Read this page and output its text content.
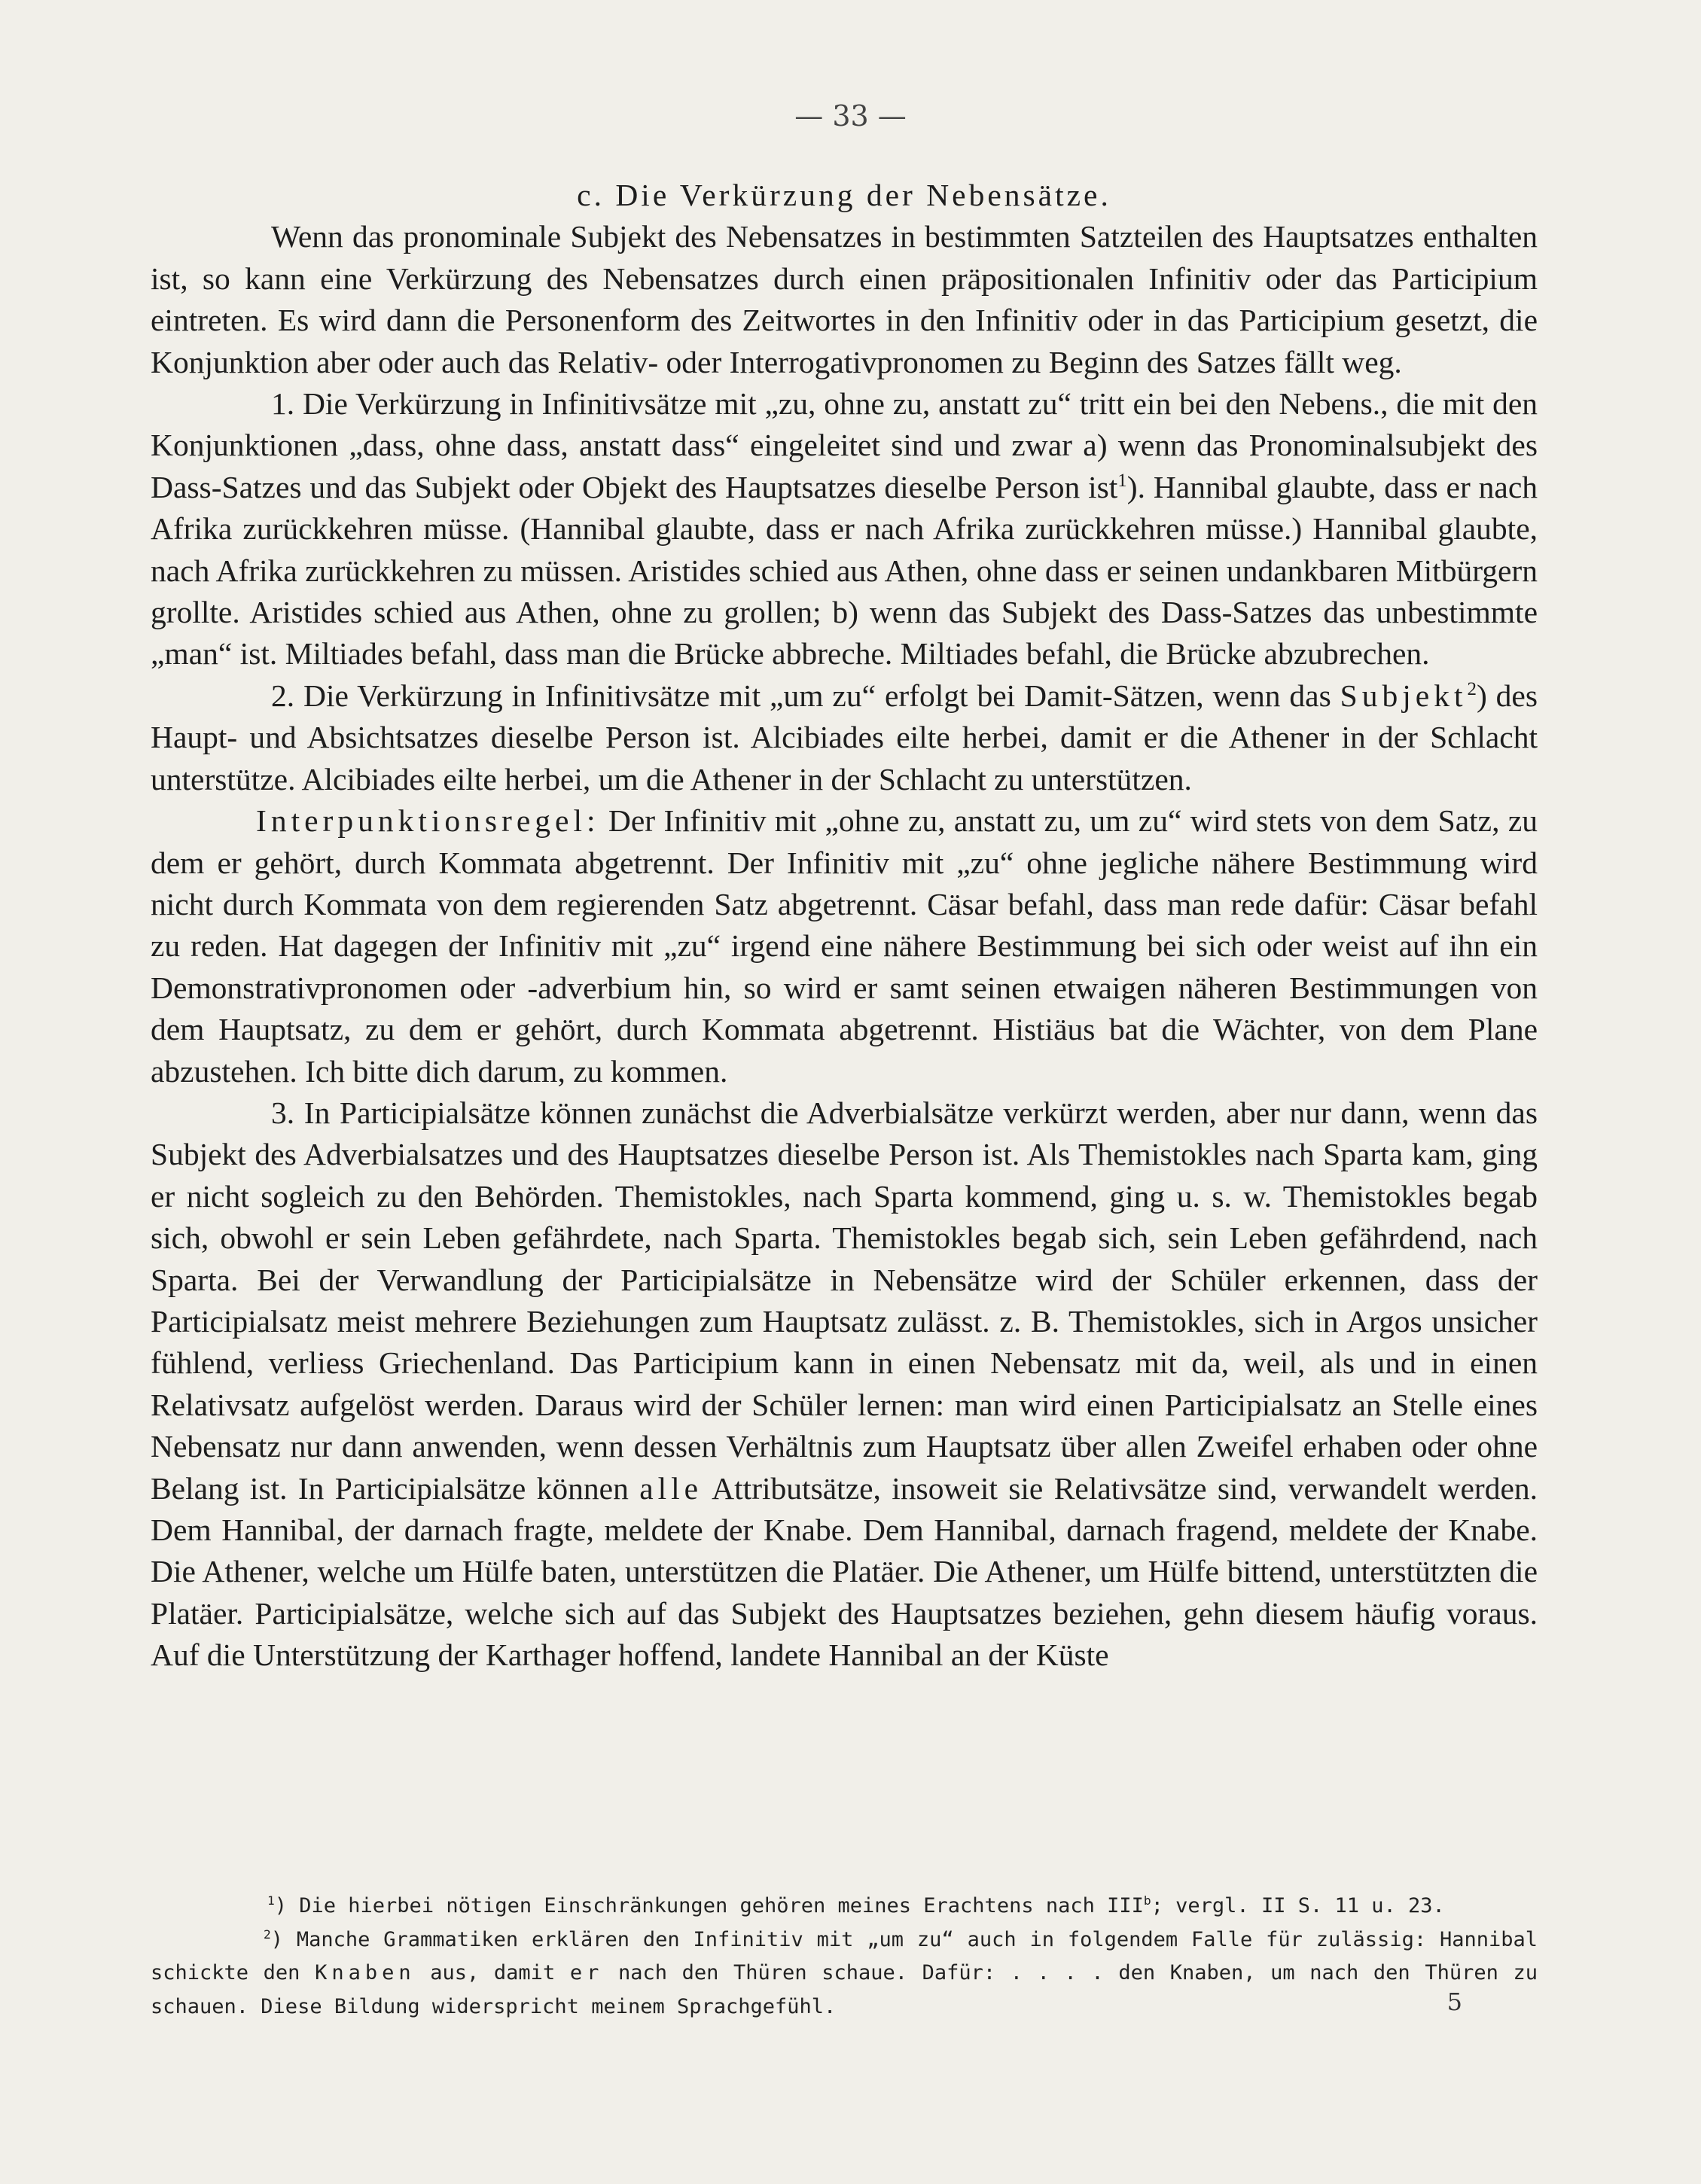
— 33 —

c. Die Verkürzung der Nebensätze.

Wenn das pronominale Subjekt des Nebensatzes in bestimmten Satzteilen des Hauptsatzes enthalten ist, so kann eine Verkürzung des Nebensatzes durch einen präpositionalen Infinitiv oder das Participium eintreten. Es wird dann die Personenform des Zeitwortes in den Infinitiv oder in das Participium gesetzt, die Konjunktion aber oder auch das Relativ- oder Interrogativpronomen zu Beginn des Satzes fällt weg.

1. Die Verkürzung in Infinitivsätze mit „zu, ohne zu, anstatt zu“ tritt ein bei den Nebens., die mit den Konjunktionen „dass, ohne dass, anstatt dass“ eingeleitet sind und zwar a) wenn das Pronominalsubjekt des Dass-Satzes und das Subjekt oder Objekt des Hauptsatzes dieselbe Person ist$^1$). Hannibal glaubte, dass er nach Afrika zurückkehren müsse. (Hannibal glaubte, dass er nach Afrika zurückkehren müsse.) Hannibal glaubte, nach Afrika zurückkehren zu müssen. Aristides schied aus Athen, ohne dass er seinen undankbaren Mitbürgern grollte. Aristides schied aus Athen, ohne zu grollen; b) wenn das Subjekt des Dass-Satzes das unbestimmte „man“ ist. Miltiades befahl, dass man die Brücke abbreche. Miltiades befahl, die Brücke abzubrechen.

2. Die Verkürzung in Infinitivsätze mit „um zu“ erfolgt bei Damit-Sätzen, wenn das Subjekt$^2$) des Haupt- und Absichtsatzes dieselbe Person ist. Alcibiades eilte herbei, damit er die Athener in der Schlacht unterstütze. Alcibiades eilte herbei, um die Athener in der Schlacht zu unterstützen.

Interpunktionsregel: Der Infinitiv mit „ohne zu, anstatt zu, um zu“ wird stets von dem Satz, zu dem er gehört, durch Kommata abgetrennt. Der Infinitiv mit „zu“ ohne jegliche nähere Bestimmung wird nicht durch Kommata von dem regierenden Satz abgetrennt. Cäsar befahl, dass man rede dafür: Cäsar befahl zu reden. Hat dagegen der Infinitiv mit „zu“ irgend eine nähere Bestimmung bei sich oder weist auf ihn ein Demonstrativpronomen oder -adverbium hin, so wird er samt seinen etwaigen näheren Bestimmungen von dem Hauptsatz, zu dem er gehört, durch Kommata abgetrennt. Histiäus bat die Wächter, von dem Plane abzustehen. Ich bitte dich darum, zu kommen.

3. In Participialsätze können zunächst die Adverbialsätze verkürzt werden, aber nur dann, wenn das Subjekt des Adverbialsatzes und des Hauptsatzes dieselbe Person ist. Als Themistokles nach Sparta kam, ging er nicht sogleich zu den Behörden. Themistokles, nach Sparta kommend, ging u. s. w. Themistokles begab sich, obwohl er sein Leben gefährdete, nach Sparta. Themistokles begab sich, sein Leben gefährdend, nach Sparta. Bei der Verwandlung der Participialsätze in Nebensätze wird der Schüler erkennen, dass der Participialsatz meist mehrere Beziehungen zum Hauptsatz zulässt. z. B. Themistokles, sich in Argos unsicher fühlend, verliess Griechenland. Das Participium kann in einen Nebensatz mit da, weil, als und in einen Relativsatz aufgelöst werden. Daraus wird der Schüler lernen: man wird einen Participialsatz an Stelle eines Nebensatz nur dann anwenden, wenn dessen Verhältnis zum Hauptsatz über allen Zweifel erhaben oder ohne Belang ist. In Participialsätze können alle Attributsätze, insoweit sie Relativsätze sind, verwandelt werden. Dem Hannibal, der darnach fragte, meldete der Knabe. Dem Hannibal, darnach fragend, meldete der Knabe. Die Athener, welche um Hülfe baten, unterstützen die Platäer. Die Athener, um Hülfe bittend, unterstützten die Platäer. Participialsätze, welche sich auf das Subjekt des Hauptsatzes beziehen, gehn diesem häufig voraus. Auf die Unterstützung der Karthager hoffend, landete Hannibal an der Küste

$^1$) Die hierbei nötigen Einschränkungen gehören meines Erachtens nach III$^b$; vergl. II S. 11 u. 23.

$^2$) Manche Grammatiken erklären den Infinitiv mit „um zu“ auch in folgendem Falle für zulässig: Hannibal schickte den Knaben aus, damit er nach den Thüren schaue. Dafür: . . . . den Knaben, um nach den Thüren zu schauen. Diese Bildung widerspricht meinem Sprachgefühl.	5
